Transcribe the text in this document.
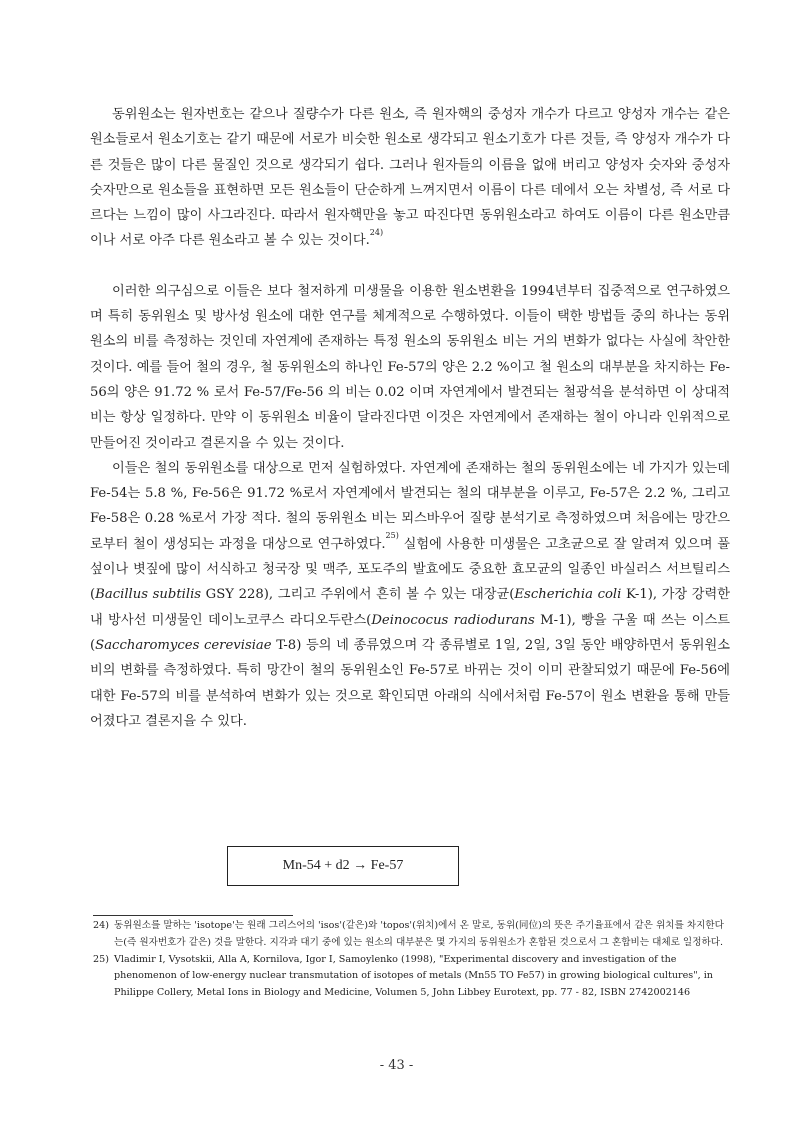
동위원소는 원자번호는 같으나 질량수가 다른 원소, 즉 원자핵의 중성자 개수가 다르고 양성자 개수는 같은 원소들로서 원소기호는 같기 때문에 서로가 비슷한 원소로 생각되고 원소기호가 다른 것들, 즉 양성자 개수가 다른 것들은 많이 다른 물질인 것으로 생각되기 쉽다. 그러나 원자들의 이름을 없애 버리고 양성자 숫자와 중성자 숫자만으로 원소들을 표현하면 모든 원소들이 단순하게 느껴지면서 이름이 다른 데에서 오는 차별성, 즉 서로 다르다는 느낌이 많이 사그라진다. 따라서 원자핵만을 놓고 따진다면 동위원소라고 하여도 이름이 다른 원소만큼이나 서로 아주 다른 원소라고 볼 수 있는 것이다.$^{24)}$

이러한 의구심으로 이들은 보다 철저하게 미생물을 이용한 원소변환을 1994년부터 집중적으로 연구하였으며 특히 동위원소 및 방사성 원소에 대한 연구를 체계적으로 수행하였다. 이들이 택한 방법들 중의 하나는 동위원소의 비를 측정하는 것인데 자연계에 존재하는 특정 원소의 동위원소 비는 거의 변화가 없다는 사실에 착안한 것이다. 예를 들어 철의 경우, 철 동위원소의 하나인 Fe-57의 양은 2.2 %이고 철 원소의 대부분을 차지하는 Fe-56의 양은 91.72 % 로서 Fe-57/Fe-56 의 비는 0.02 이며 자연계에서 발견되는 철광석을 분석하면 이 상대적 비는 항상 일정하다. 만약 이 동위원소 비율이 달라진다면 이것은 자연계에서 존재하는 철이 아니라 인위적으로 만들어진 것이라고 결론지을 수 있는 것이다.

이들은 철의 동위원소를 대상으로 먼저 실험하였다. 자연계에 존재하는 철의 동위원소에는 네 가지가 있는데 Fe-54는 5.8 %, Fe-56은 91.72 %로서 자연계에서 발견되는 철의 대부분을 이루고, Fe-57은 2.2 %, 그리고 Fe-58은 0.28 %로서 가장 적다. 철의 동위원소 비는 뫼스바우어 질량 분석기로 측정하였으며 처음에는 망간으로부터 철이 생성되는 과정을 대상으로 연구하였다.$^{25)}$ 실험에 사용한 미생물은 고초균으로 잘 알려져 있으며 풀섶이나 볏짚에 많이 서식하고 청국장 및 맥주, 포도주의 발효에도 중요한 효모균의 일종인 바실러스 서브틸리스(Bacillus subtilis GSY 228), 그리고 주위에서 흔히 볼 수 있는 대장균(Escherichia coli K-1), 가장 강력한 내 방사선 미생물인 데이노코쿠스 라디오두란스(Deinococus radiodurans M-1), 빵을 구울 때 쓰는 이스트(Saccharomyces cerevisiae T-8) 등의 네 종류였으며 각 종류별로 1일, 2일, 3일 동안 배양하면서 동위원소 비의 변화를 측정하였다. 특히 망간이 철의 동위원소인 Fe-57로 바뀌는 것이 이미 관찰되었기 때문에 Fe-56에 대한 Fe-57의 비를 분석하여 변화가 있는 것으로 확인되면 아래의 식에서처럼 Fe-57이 원소 변환을 통해 만들어졌다고 결론지을 수 있다.

Mn-54 + d2 → Fe-57
24) 동위원소를 말하는 'isotope'는 원래 그리스어의 'isos'(같은)와 'topos'(위치)에서 온 말로, 동위(同位)의 뜻은 주기율표에서 같은 위치를 차지한다는(즉 원자번호가 같은) 것을 말한다. 지각과 대기 중에 있는 원소의 대부분은 몇 가지의 동위원소가 혼합된 것으로서 그 혼합비는 대체로 일정하다.
25) Vladimir I, Vysotskii, Alla A, Kornilova, Igor I, Samoylenko (1998), "Experimental discovery and investigation of the phenomenon of low-energy nuclear transmutation of isotopes of metals (Mn55 TO Fe57) in growing biological cultures", in Philippe Collery, Metal Ions in Biology and Medicine, Volumen 5, John Libbey Eurotext, pp. 77 - 82, ISBN 2742002146
- 43 -
